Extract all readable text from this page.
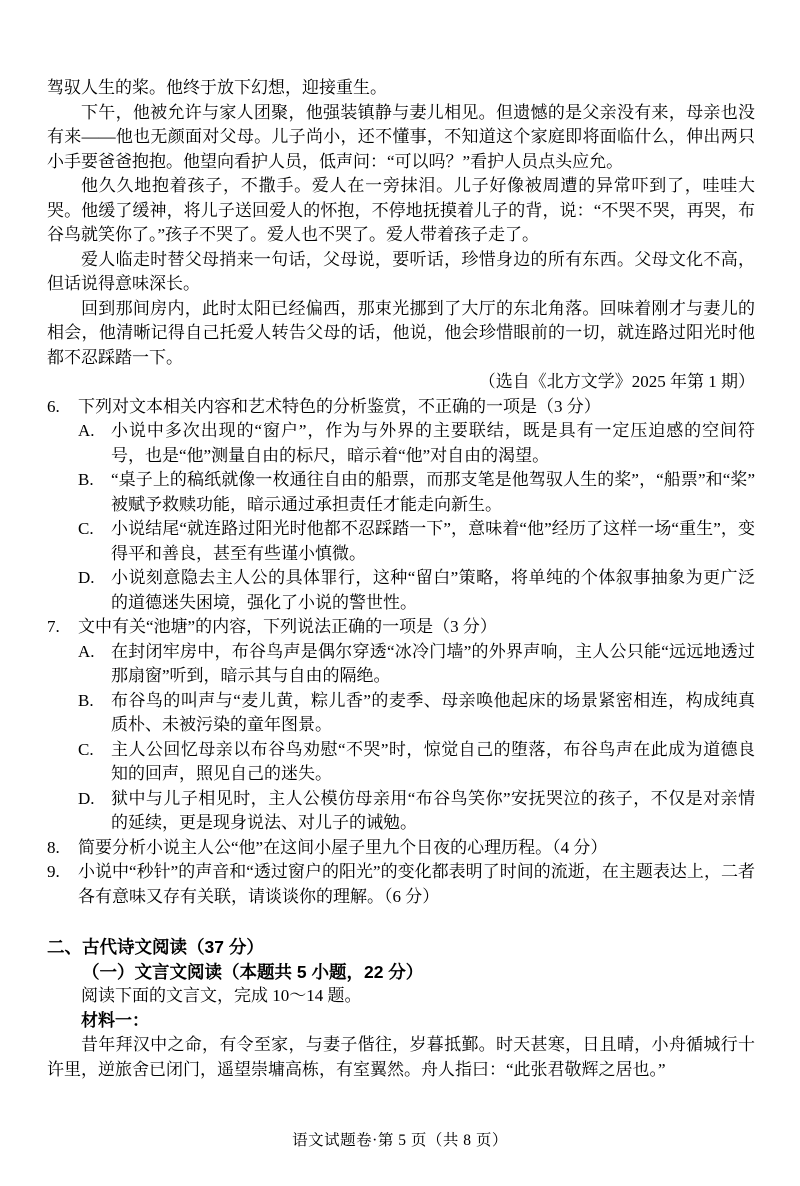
驾驭人生的桨。他终于放下幻想，迎接重生。

下午，他被允许与家人团聚，他强装镇静与妻儿相见。但遗憾的是父亲没有来，母亲也没有来——他也无颜面对父母。儿子尚小，还不懂事，不知道这个家庭即将面临什么，伸出两只小手要爸爸抱抱。他望向看护人员，低声问：“可以吗？”看护人员点头应允。

他久久地抱着孩子，不撒手。爱人在一旁抹泪。儿子好像被周遭的异常吓到了，哇哇大哭。他缓了缓神，将儿子送回爱人的怀抱，不停地抚摸着儿子的背，说：“不哭不哭，再哭，布谷鸟就笑你了。”孩子不哭了。爱人也不哭了。爱人带着孩子走了。

爱人临走时替父母捎来一句话，父母说，要听话，珍惜身边的所有东西。父母文化不高，但话说得意味深长。

回到那间房内，此时太阳已经偏西，那束光挪到了大厅的东北角落。回味着刚才与妻儿的相会，他清晰记得自己托爱人转告父母的话，他说，他会珍惜眼前的一切，就连路过阳光时他都不忍踩踏一下。

（选自《北方文学》2025 年第 1 期）

6.	下列对文本相关内容和艺术特色的分析鉴赏，不正确的一项是（3 分）
A. 小说中多次出现的“窗户”，作为与外界的主要联结，既是具有一定压迫感的空间符号，也是“他”测量自由的标尺，暗示着“他”对自由的渴望。
B.	“桌子上的稿纸就像一枚通往自由的船票，而那支笔是他驾驭人生的桨”，“船票”和“桨”被赋予救赎功能，暗示通过承担责任才能走向新生。
C.	小说结尾“就连路过阳光时他都不忍踩踏一下”，意味着“他”经历了这样一场“重生”，变得平和善良，甚至有些谨小慎微。
D. 小说刻意隐去主人公的具体罪行，这种“留白”策略，将单纯的个体叙事抽象为更广泛的道德迷失困境，强化了小说的警世性。
7.	文中有关“池塘”的内容，下列说法正确的一项是（3 分）
A. 在封闭牢房中，布谷鸟声是偶尔穿透“冰冷门墙”的外界声响，主人公只能“远远地透过那扇窗”听到，暗示其与自由的隔绝。
B.	布谷鸟的叫声与“麦儿黄，粽儿香”的麦季、母亲唤他起床的场景紧密相连，构成纯真质朴、未被污染的童年图景。
C.	主人公回忆母亲以布谷鸟劝慰“不哭”时，惊觉自己的堕落，布谷鸟声在此成为道德良知的回声，照见自己的迷失。
D. 狱中与儿子相见时，主人公模仿母亲用“布谷鸟笑你”安抚哭泣的孩子，不仅是对亲情的延续，更是现身说法、对儿子的诫勉。
8.	简要分析小说主人公“他”在这间小屋子里九个日夜的心理历程。（4 分）
9.	小说中“秒针”的声音和“透过窗户的阳光”的变化都表明了时间的流逝，在主题表达上，二者各有意味又存有关联，请谈谈你的理解。（6 分）

二、古代诗文阅读（37 分）

（一）文言文阅读（本题共 5 小题，22 分）

阅读下面的文言文，完成 10～14 题。

材料一：

昔年拜汉中之命，有令至家，与妻子偕往，岁暮抵鄞。时天甚寒，日且晴，小舟循城行十许里，逆旅舍已闭门，遥望崇墉高栋，有室翼然。舟人指曰：“此张君敬辉之居也。”

语文试题卷·第 5 页（共 8 页）
